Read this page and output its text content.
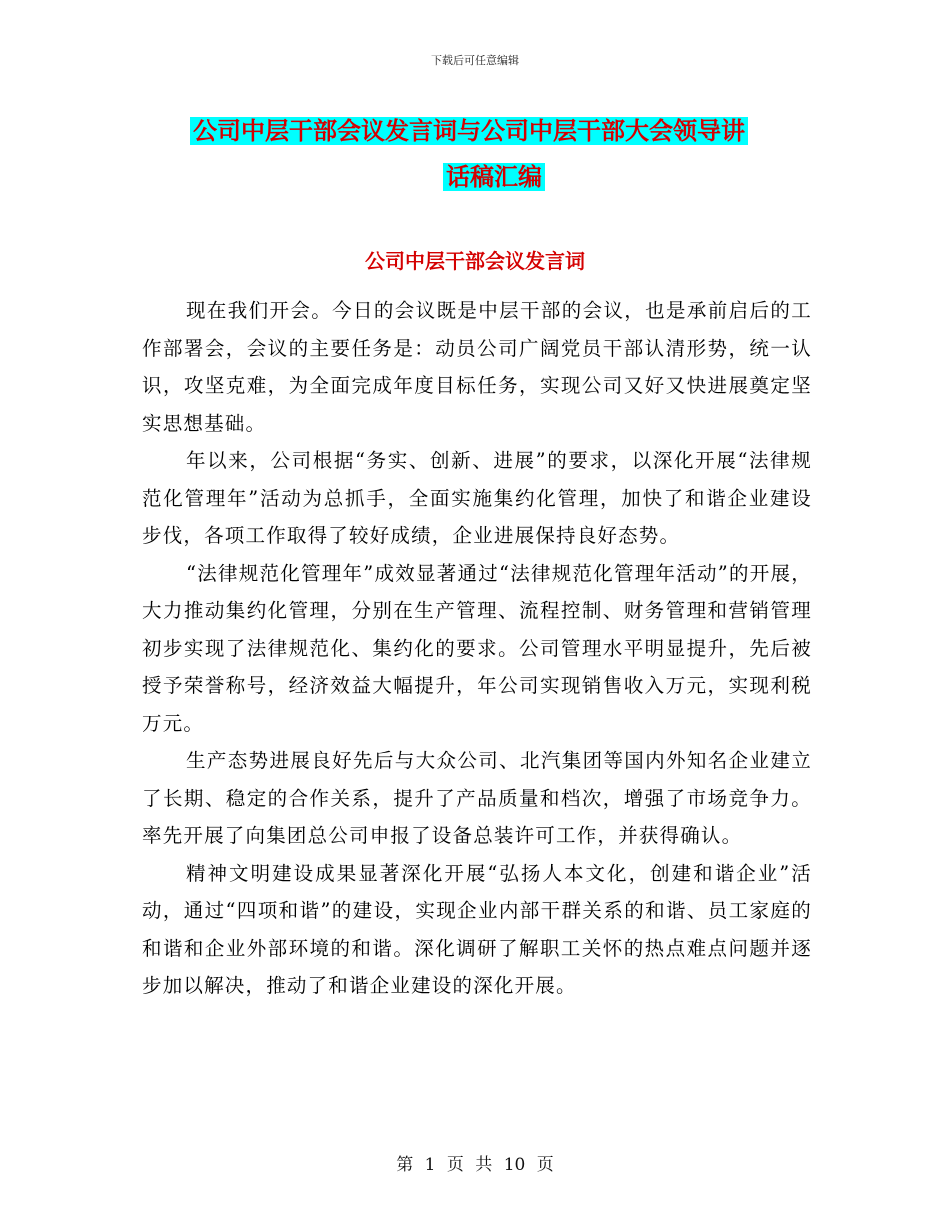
下载后可任意编辑
公司中层干部会议发言词与公司中层干部大会领导讲
话稿汇编
公司中层干部会议发言词

现在我们开会。今日的会议既是中层干部的会议，也是承前启后的工作部署会，会议的主要任务是：动员公司广阔党员干部认清形势，统一认识，攻坚克难，为全面完成年度目标任务，实现公司又好又快进展奠定坚实思想基础。

年以来，公司根据“务实、创新、进展”的要求，以深化开展“法律规范化管理年”活动为总抓手，全面实施集约化管理，加快了和谐企业建设步伐，各项工作取得了较好成绩，企业进展保持良好态势。

“法律规范化管理年”成效显著通过“法律规范化管理年活动”的开展，大力推动集约化管理，分别在生产管理、流程控制、财务管理和营销管理初步实现了法律规范化、集约化的要求。公司管理水平明显提升，先后被授予荣誉称号，经济效益大幅提升，年公司实现销售收入万元，实现利税万元。

生产态势进展良好先后与大众公司、北汽集团等国内外知名企业建立了长期、稳定的合作关系，提升了产品质量和档次，增强了市场竞争力。率先开展了向集团总公司申报了设备总装许可工作，并获得确认。

精神文明建设成果显著深化开展“弘扬人本文化，创建和谐企业”活动，通过“四项和谐”的建设，实现企业内部干群关系的和谐、员工家庭的和谐和企业外部环境的和谐。深化调研了解职工关怀的热点难点问题并逐步加以解决，推动了和谐企业建设的深化开展。

第 1 页 共 10 页
